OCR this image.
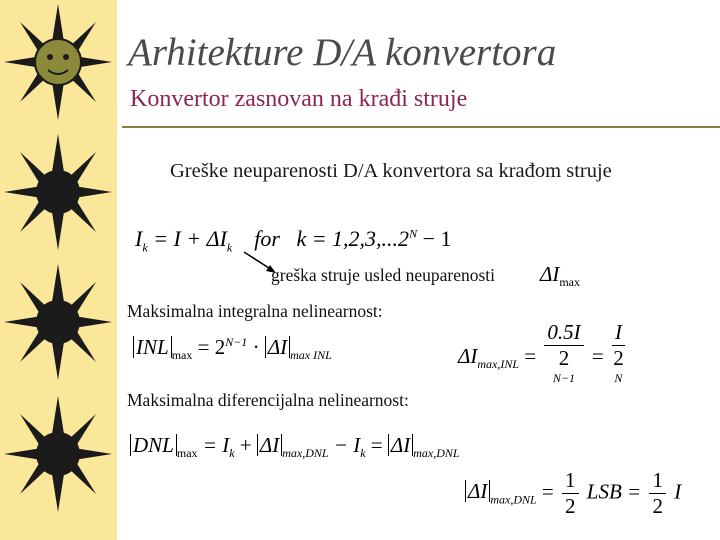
Arhitekture D/A konvertora
Konvertor zasnovan na krađi struje
Greške neuparenosti D/A konvertora sa krađom struje
$I_k = I + \Delta I_k$ for $k = 1,2,3,...2^N - 1$
greška struje usled neuparenosti $\Delta I_{max}$
Maksimalna integralna nelinearnost:
INL $_{max} = 2^{N-1} \cdot \Delta I$ $_{max INL}$	$\Delta I_{max,INL} = 0.5I$
2
$^{N-1}$ = I
2
$^N$
Maksimalna diferencijalna nelinearnost:
DNL $_{max} = I_k + \Delta I$ $_{max,DNL} - I_k = \Delta I$ $_{max,DNL}$
ΔI $_{max,DNL} = \frac{1}{2}$ LSB = $\frac{1}{2}$ I
